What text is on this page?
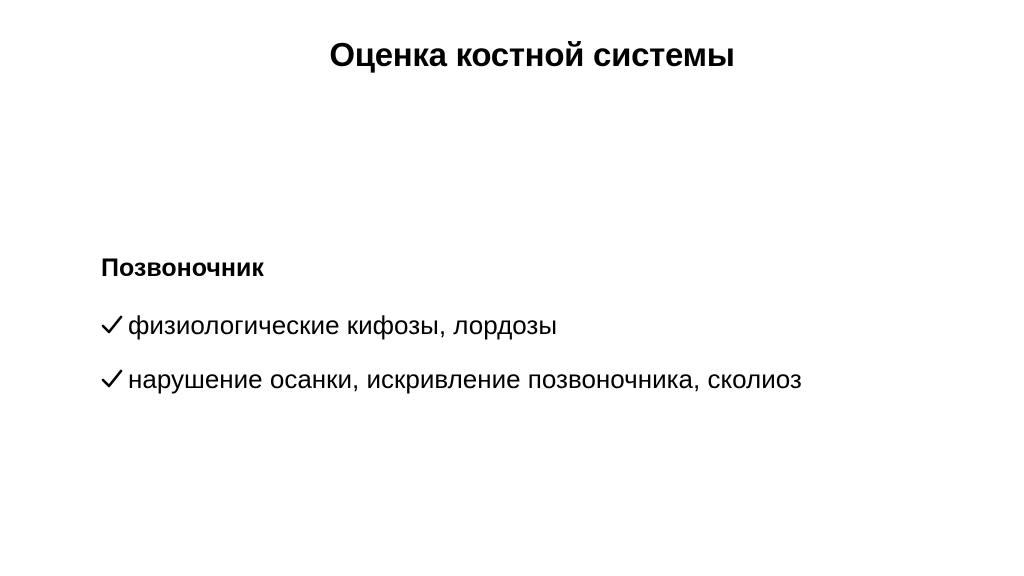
Оценка костной системы
Позвоночник
физиологические кифозы, лордозы
нарушение осанки, искривление позвоночника, сколиоз
